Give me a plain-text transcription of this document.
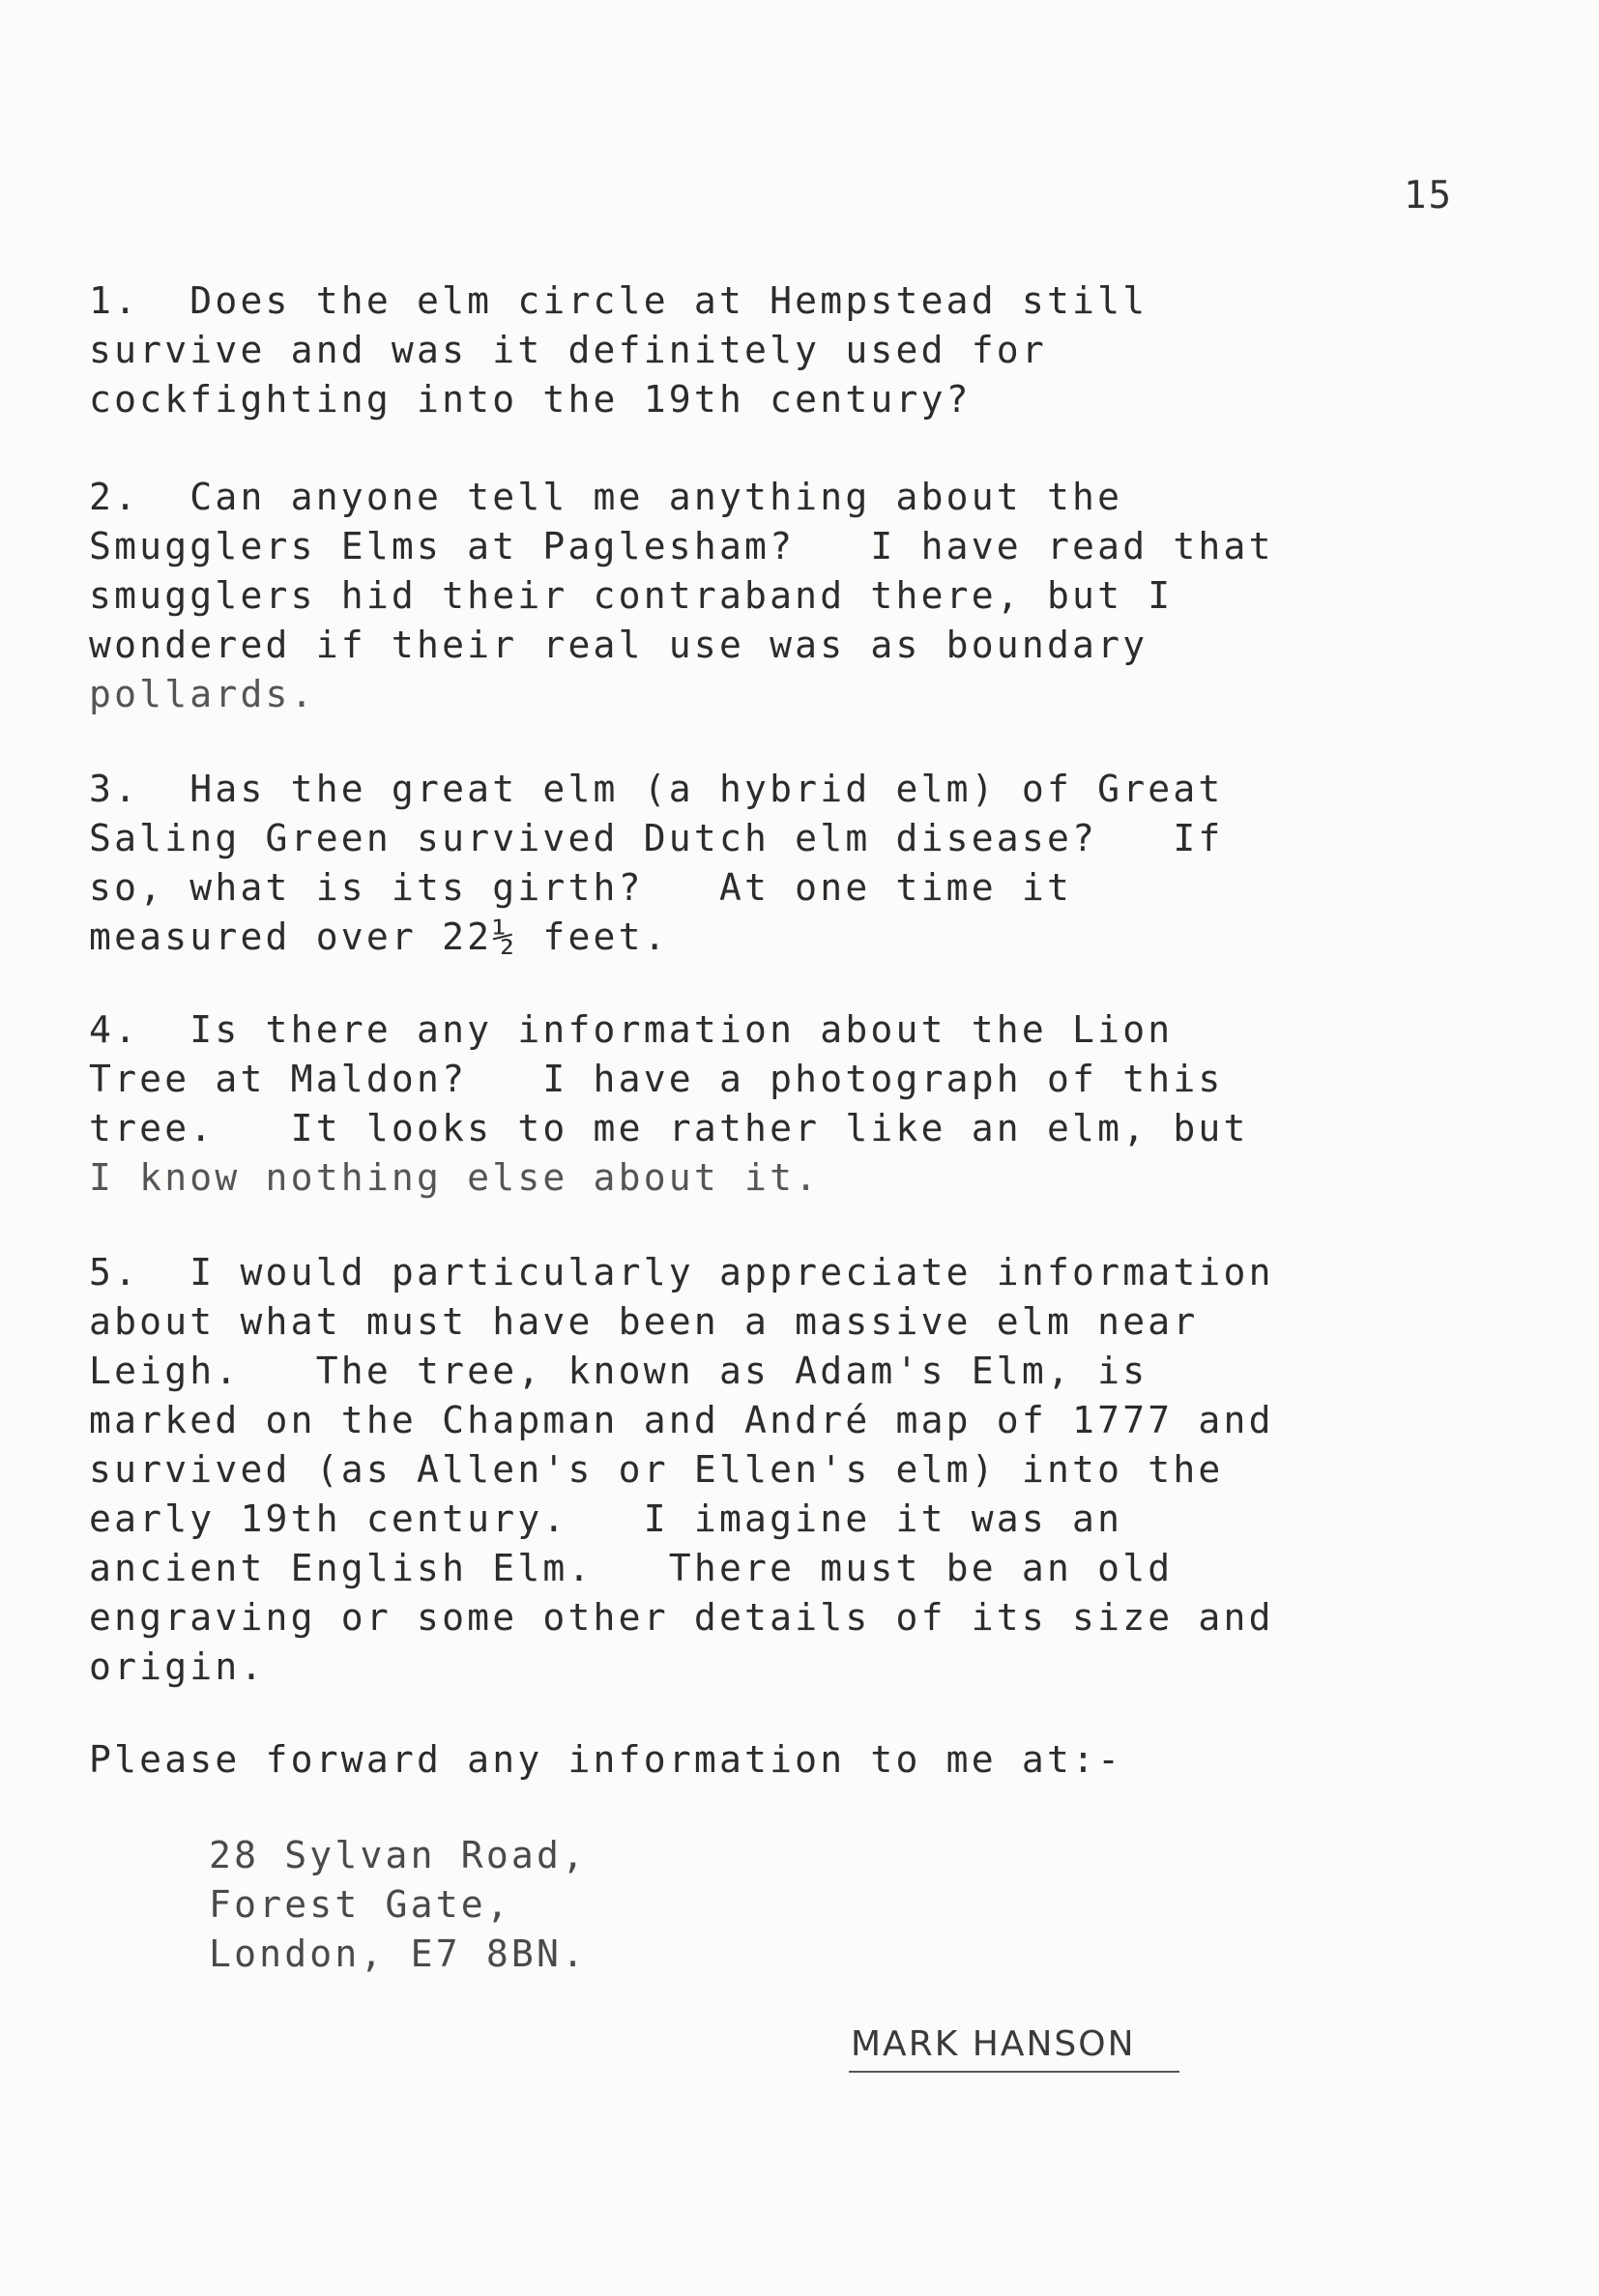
15
1.  Does the elm circle at Hempstead still
survive and was it definitely used for
cockfighting into the 19th century?
2.  Can anyone tell me anything about the
Smugglers Elms at Paglesham?   I have read that
smugglers hid their contraband there, but I
wondered if their real use was as boundary
pollards.
3.  Has the great elm (a hybrid elm) of Great
Saling Green survived Dutch elm disease?   If
so, what is its girth?   At one time it
measured over 22½ feet.
4.  Is there any information about the Lion
Tree at Maldon?   I have a photograph of this
tree.   It looks to me rather like an elm, but
I know nothing else about it.
5.  I would particularly appreciate information
about what must have been a massive elm near
Leigh.   The tree, known as Adam's Elm, is
marked on the Chapman and André map of 1777 and
survived (as Allen's or Ellen's elm) into the
early 19th century.   I imagine it was an
ancient English Elm.   There must be an old
engraving or some other details of its size and
origin.
Please forward any information to me at:-
28 Sylvan Road,
Forest Gate,
London, E7 8BN.
MARK HANSON
